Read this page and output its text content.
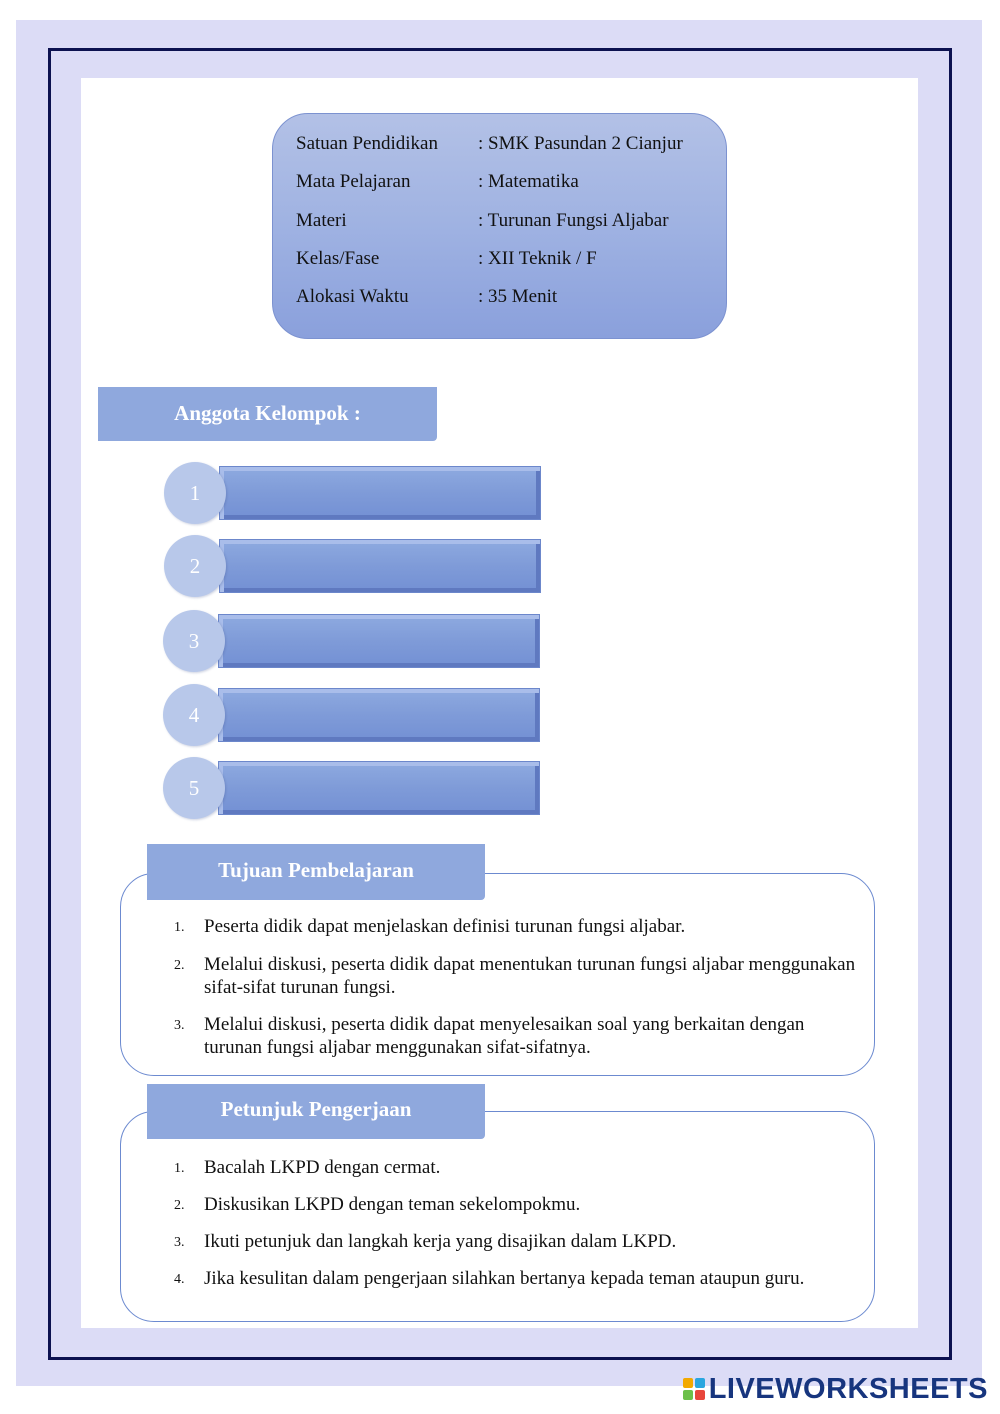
Satuan Pendidikan : SMK Pasundan 2 Cianjur
Mata Pelajaran	: Matematika
Materi	: Turunan Fungsi Aljabar
Kelas/Fase	: XII Teknik / F
Alokasi Waktu	: 35 Menit
Anggota Kelompok :
1
2
3
4
5
Tujuan Pembelajaran
1. Peserta didik dapat menjelaskan definisi turunan fungsi aljabar.
2. Melalui diskusi, peserta didik dapat menentukan turunan fungsi aljabar menggunakan sifat-sifat turunan fungsi.
3. Melalui diskusi, peserta didik dapat menyelesaikan soal yang berkaitan dengan turunan fungsi aljabar menggunakan sifat-sifatnya.
Petunjuk Pengerjaan
1. Bacalah LKPD dengan cermat.
2. Diskusikan LKPD dengan teman sekelompokmu.
3. Ikuti petunjuk dan langkah kerja yang disajikan dalam LKPD.
4. Jika kesulitan dalam pengerjaan silahkan bertanya kepada teman ataupun guru.
LIVEWORKSHEETS
